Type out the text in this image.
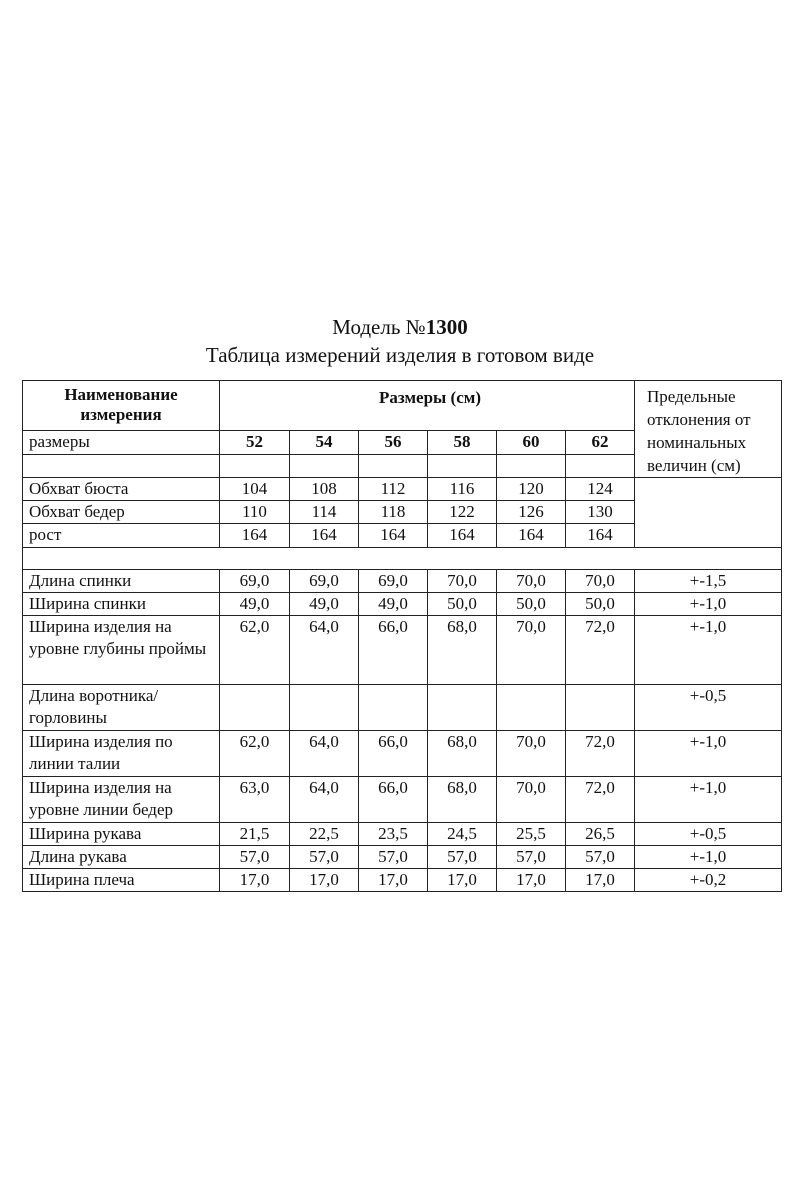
Модель №1300
Таблица измерений изделия в готовом виде
Наименование
измерения	Размеры (см)						Предельные отклонения от номинальных величин (см)
размеры	52	54	56	58	60	62	

Обхват бюста	104	108	112	116	120	124	
Обхват бедер	110	114	118	122	126	130	
рост	164	164	164	164	164	164	

Длина спинки	69,0	69,0	69,0	70,0	70,0	70,0	+-1,5
Ширина спинки	49,0	49,0	49,0	50,0	50,0	50,0	+-1,0
Ширина изделия на уровне глубины проймы	62,0	64,0	66,0	68,0	70,0	72,0	+-1,0
Длина воротника/горловины							+-0,5
Ширина изделия по линии талии	62,0	64,0	66,0	68,0	70,0	72,0	+-1,0
Ширина изделия на уровне линии бедер	63,0	64,0	66,0	68,0	70,0	72,0	+-1,0
Ширина рукава	21,5	22,5	23,5	24,5	25,5	26,5	+-0,5
Длина рукава	57,0	57,0	57,0	57,0	57,0	57,0	+-1,0
Ширина плеча	17,0	17,0	17,0	17,0	17,0	17,0	+-0,2
